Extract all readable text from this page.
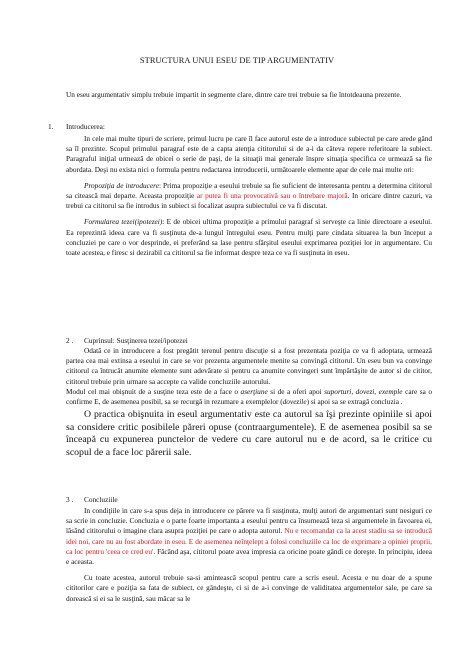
STRUCTURA UNUI ESEU DE TIP ARGUMENTATIV

Un eseu argumentativ simplu trebuie impartit in segmente clare, dintre care trei trebuie sa fie întotdeauna prezente.

1. Introducerea:

In cele mai multe tipuri de scriere, primul lucru pe care îl face autorul este de a introduce subiectul pe care arede gând sa îl prezinte. Scopul primului paragraf este de a capta atenţia cititorului si de a-i da câteva repere referitoare la subiect. Paragraful iniţial urmează de obicei o serie de paşi, de la situaţii mai generale înspre situaţia specifica ce urmează sa fie abordata. Deşi nu exista nici o formula pentru redactarea introducerii, următoarele elemente apar de cele mai multe ori:

Propoziţia de introducere: Prima propoziţie a eseului trebuie sa fie suficient de interesanta pentru a determina cititorul sa citească mai departe. Aceasta propoziţie ar putea fi una provocativă sau o întrebare majoră. In oricare dintre cazuri, va trebui ca cititorul sa fie introdus in subiect si focalizat asupra subiectului ce va fi discutat.

Formularea tezei(ipotezei): E de obicei ultima propoziţie a primului paragraf si serveşte ca linie directoare a eseului. Ea reprezintă ideea care va fi susţinuta de-a lungul întregului eseu. Pentru mulţi pare cindata situarea la bun început a concluziei pe care o vor desprinde, ei preferând sa lase pentru sfârşitul eseului exprimarea poziţiei lor in argumentare. Cu toate acestea, e firesc si dezirabil ca cititorul sa fie informat despre teza ce va fi susţinuta in eseu.

2 . Cuprinsul: Susţinerea tezei/ipotezei

Odată ce in introducere a fost pregătit terenul pentru discuţie si a fost prezentata poziţia ce va fi adoptata, urmează partea cea mai extinsa a eseului in care se vor prezenta argumentele menite sa convingă cititorul. Un eseu bun va convinge cititorul ca întrucât anumite elemente sunt adevărate si pentru ca anumite convingeri sunt împărtăşite de autor si de cititor, cititorul trebuie prin urmare sa accepte ca valide concluziile autorului.

Modul cel mai obişnuit de a susţine teza este de a face o aserţiune si de a oferi apoi suporturi, dovezi, exemple care sa o confirme E, de asemenea posibil, sa se recurgă in rezumare a exemplelor (dovezile) si apoi sa se extragă concluzia .

O practica obişnuita in eseul argumentativ este ca autorul sa îşi prezinte opiniile si apoi sa considere critic posibilele păreri opuse (contraargumentele). E de asemenea posibil sa se înceapă cu expunerea punctelor de vedere cu care autorul nu e de acord, sa le critice cu scopul de a face loc părerii sale.

3 . Concluziile

In condiţiile in care s-a spus deja in introducere ce părere va fi susţinuta, mulţi autori de argumentari sunt nesiguri ce sa scrie in concluzie. Concluzia e o parte foarte importanta a eseului pentru ca însumează teza si argumentele in favoarea ei, lăsând cititorului o imagine clara asupra poziţiei pe care o adopta autorul. Nu e recomandat ca la acest stadiu sa se introducă idei noi, care nu au fost abordate in eseu. E de asemenea neînţelept a folosi concluziile ca loc de exprimare a opiniei proprii, ca loc pentru 'ceea ce cred eu'. Făcând aşa, cititorul poate avea impresia ca oricine poate gândi ce doreşte. In principiu, ideea e aceasta.

Cu toate acestea, autorul trebuie sa-si amintească scopul pentru care a scris eseul. Acesta e nu doar de a spune cititorilor care e poziţia sa fata de subiect, ce gândeşte, ci si de a-i convinge de validitatea argumentelor sale, pe care sa dorească si ei sa le susţină, sau măcar sa le
